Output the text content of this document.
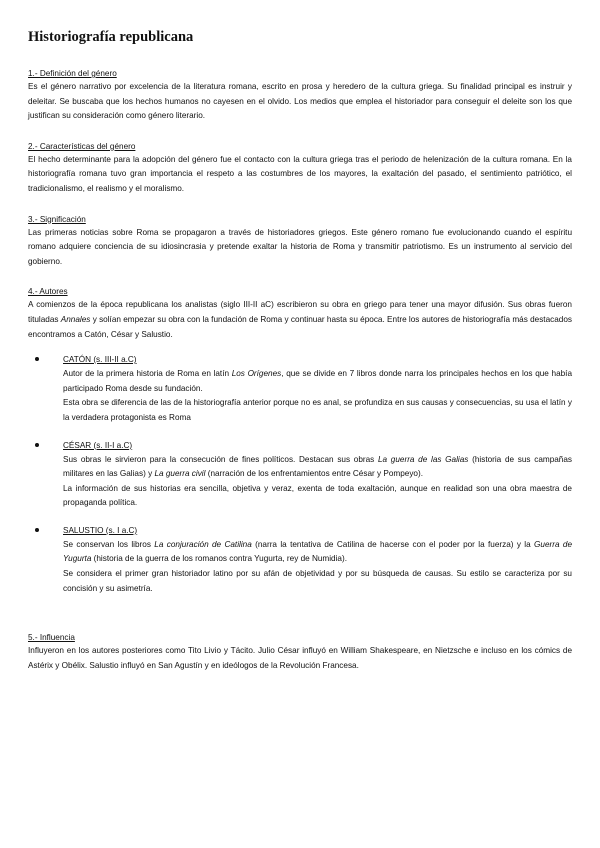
Historiografía republicana
1.- Definición del género

Es el género narrativo por excelencia de la literatura romana, escrito en prosa y heredero de la cultura griega. Su finalidad principal es instruir y deleitar. Se buscaba que los hechos humanos no cayesen en el olvido. Los medios que emplea el historiador para conseguir el deleite son los que justifican su consideración como género literario.

2.- Características del género

El hecho determinante para la adopción del género fue el contacto con la cultura griega tras el periodo de helenización de la cultura romana. En la historiografía romana tuvo gran importancia el respeto a las costumbres de los mayores, la exaltación del pasado, el sentimiento patriótico, el tradicionalismo, el realismo y el moralismo.

3.- Significación

Las primeras noticias sobre Roma se propagaron a través de historiadores griegos. Este género romano fue evolucionando cuando el espíritu romano adquiere conciencia de su idiosincrasia y pretende exaltar la historia de Roma y transmitir patriotismo. Es un instrumento al servicio del gobierno.

4.- Autores

A comienzos de la época republicana los analistas (siglo III-II aC) escribieron su obra en griego para tener una mayor difusión. Sus obras fueron tituladas Annales y solían empezar su obra con la fundación de Roma y continuar hasta su época. Entre los autores de historiografía más destacados encontramos a Catón, César y Salustio.

CATÓN (s. III-II a.C)

Autor de la primera historia de Roma en latín Los Orígenes, que se divide en 7 libros donde narra los principales hechos en los que había participado Roma desde su fundación.

Esta obra se diferencia de las de la historiografía anterior porque no es anal, se profundiza en sus causas y consecuencias, su usa el latín y la verdadera protagonista es Roma

CÉSAR (s. II-I a.C)

Sus obras le sirvieron para la consecución de fines políticos. Destacan sus obras La guerra de las Galias (historia de sus campañas militares en las Galias) y La guerra civil (narración de los enfrentamientos entre César y Pompeyo).

La información de sus historias era sencilla, objetiva y veraz, exenta de toda exaltación, aunque en realidad son una obra maestra de propaganda política.

SALUSTIO (s. I a.C)

Se conservan los libros La conjuración de Catilina (narra la tentativa de Catilina de hacerse con el poder por la fuerza) y la Guerra de Yugurta (historia de la guerra de los romanos contra Yugurta, rey de Numidia).

Se considera el primer gran historiador latino por su afán de objetividad y por su búsqueda de causas. Su estilo se caracteriza por su concisión y su asimetría.

5.- Influencia

Influyeron en los autores posteriores como Tito Livio y Tácito. Julio César influyó en William Shakespeare, en Nietzsche e incluso en los cómics de Astérix y Obélix. Salustio influyó en San Agustín y en ideólogos de la Revolución Francesa.
